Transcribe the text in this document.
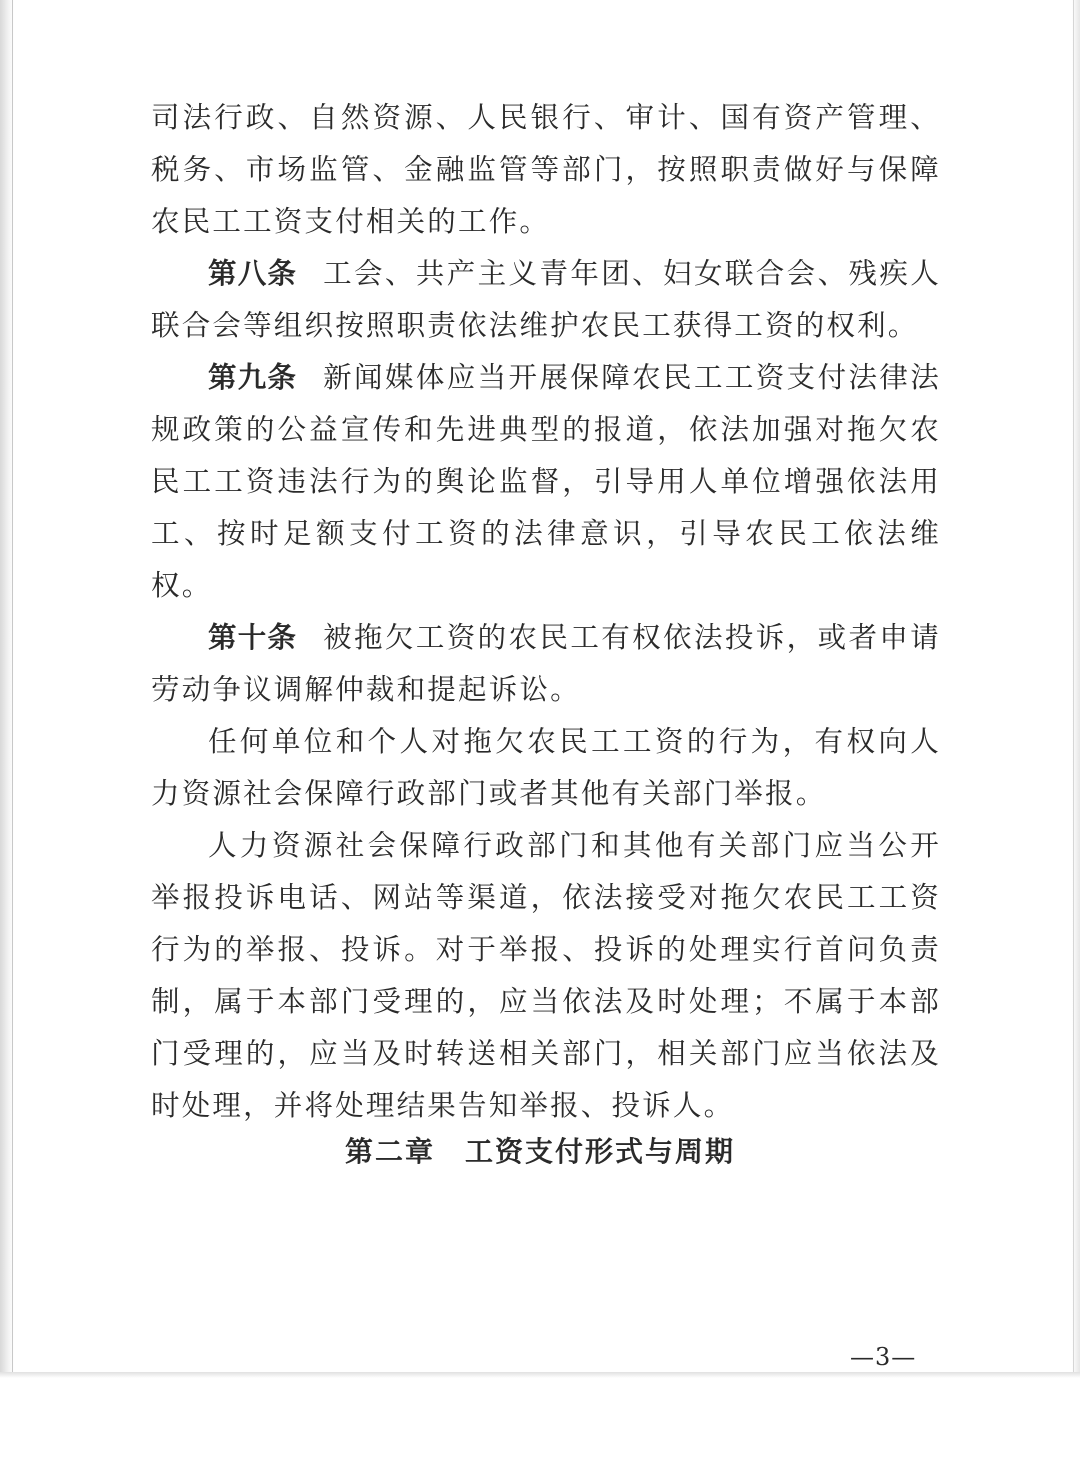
司法行政、自然资源、人民银行、审计、国有资产管理、税务、市场监管、金融监管等部门，按照职责做好与保障农民工工资支付相关的工作。

第八条 工会、共产主义青年团、妇女联合会、残疾人联合会等组织按照职责依法维护农民工获得工资的权利。

第九条 新闻媒体应当开展保障农民工工资支付法律法规政策的公益宣传和先进典型的报道，依法加强对拖欠农民工工资违法行为的舆论监督，引导用人单位增强依法用工、按时足额支付工资的法律意识，引导农民工依法维权。

第十条 被拖欠工资的农民工有权依法投诉，或者申请劳动争议调解仲裁和提起诉讼。

任何单位和个人对拖欠农民工工资的行为，有权向人力资源社会保障行政部门或者其他有关部门举报。

人力资源社会保障行政部门和其他有关部门应当公开举报投诉电话、网站等渠道，依法接受对拖欠农民工工资行为的举报、投诉。对于举报、投诉的处理实行首问负责制，属于本部门受理的，应当依法及时处理；不属于本部门受理的，应当及时转送相关部门，相关部门应当依法及时处理，并将处理结果告知举报、投诉人。

第二章 工资支付形式与周期
—3—
